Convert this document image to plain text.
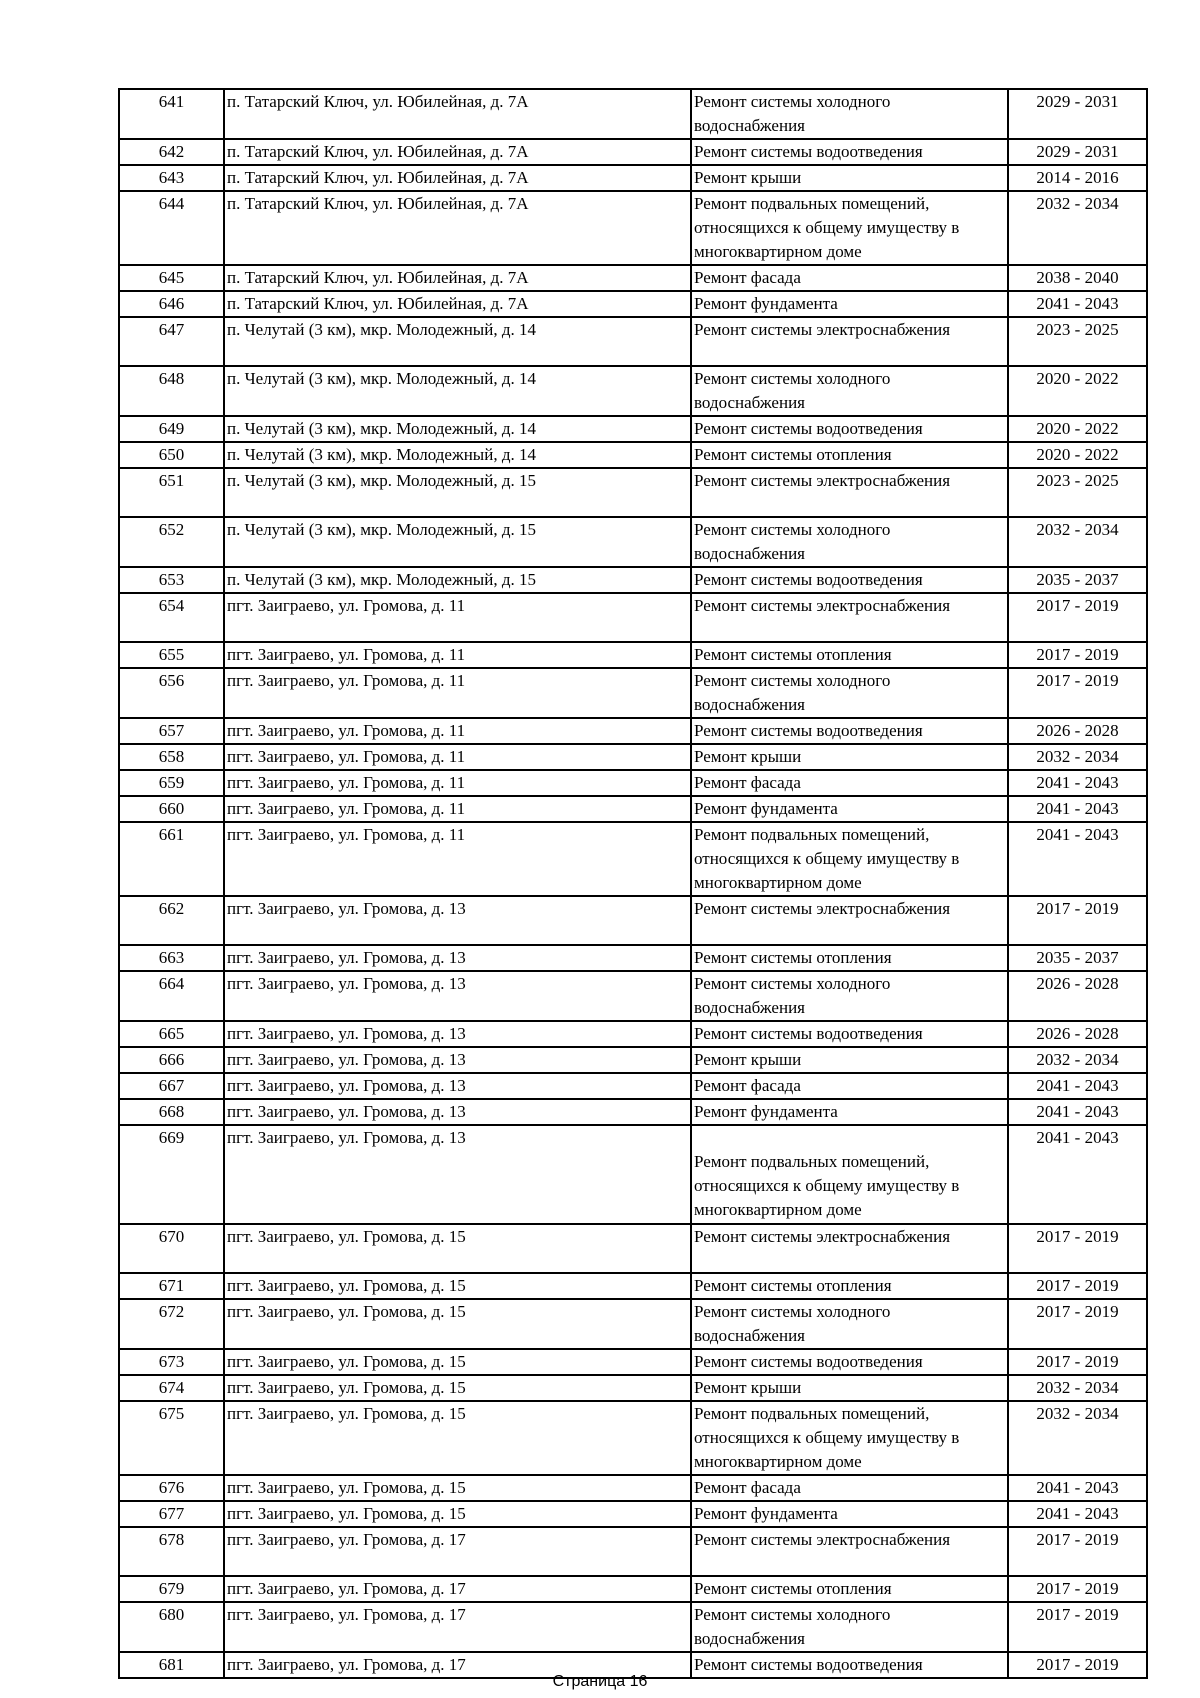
641	п. Татарский Ключ, ул. Юбилейная, д. 7А	Ремонт системы холодного водоснабжения	2029 - 2031
642	п. Татарский Ключ, ул. Юбилейная, д. 7А	Ремонт системы водоотведения	2029 - 2031
643	п. Татарский Ключ, ул. Юбилейная, д. 7А	Ремонт крыши	2014 - 2016
644	п. Татарский Ключ, ул. Юбилейная, д. 7А	Ремонт подвальных помещений, относящихся к общему имуществу в многоквартирном доме	2032 - 2034
645	п. Татарский Ключ, ул. Юбилейная, д. 7А	Ремонт фасада	2038 - 2040
646	п. Татарский Ключ, ул. Юбилейная, д. 7А	Ремонт фундамента	2041 - 2043
647	п. Челутай (3 км), мкр. Молодежный, д. 14	Ремонт системы электроснабжения	2023 - 2025
648	п. Челутай (3 км), мкр. Молодежный, д. 14	Ремонт системы холодного водоснабжения	2020 - 2022
649	п. Челутай (3 км), мкр. Молодежный, д. 14	Ремонт системы водоотведения	2020 - 2022
650	п. Челутай (3 км), мкр. Молодежный, д. 14	Ремонт системы отопления	2020 - 2022
651	п. Челутай (3 км), мкр. Молодежный, д. 15	Ремонт системы электроснабжения	2023 - 2025
652	п. Челутай (3 км), мкр. Молодежный, д. 15	Ремонт системы холодного водоснабжения	2032 - 2034
653	п. Челутай (3 км), мкр. Молодежный, д. 15	Ремонт системы водоотведения	2035 - 2037
654	пгт. Заиграево, ул. Громова, д. 11	Ремонт системы электроснабжения	2017 - 2019
655	пгт. Заиграево, ул. Громова, д. 11	Ремонт системы отопления	2017 - 2019
656	пгт. Заиграево, ул. Громова, д. 11	Ремонт системы холодного водоснабжения	2017 - 2019
657	пгт. Заиграево, ул. Громова, д. 11	Ремонт системы водоотведения	2026 - 2028
658	пгт. Заиграево, ул. Громова, д. 11	Ремонт крыши	2032 - 2034
659	пгт. Заиграево, ул. Громова, д. 11	Ремонт фасада	2041 - 2043
660	пгт. Заиграево, ул. Громова, д. 11	Ремонт фундамента	2041 - 2043
661	пгт. Заиграево, ул. Громова, д. 11	Ремонт подвальных помещений, относящихся к общему имуществу в многоквартирном доме	2041 - 2043
662	пгт. Заиграево, ул. Громова, д. 13	Ремонт системы электроснабжения	2017 - 2019
663	пгт. Заиграево, ул. Громова, д. 13	Ремонт системы отопления	2035 - 2037
664	пгт. Заиграево, ул. Громова, д. 13	Ремонт системы холодного водоснабжения	2026 - 2028
665	пгт. Заиграево, ул. Громова, д. 13	Ремонт системы водоотведения	2026 - 2028
666	пгт. Заиграево, ул. Громова, д. 13	Ремонт крыши	2032 - 2034
667	пгт. Заиграево, ул. Громова, д. 13	Ремонт фасада	2041 - 2043
668	пгт. Заиграево, ул. Громова, д. 13	Ремонт фундамента	2041 - 2043
669	пгт. Заиграево, ул. Громова, д. 13	Ремонт подвальных помещений, относящихся к общему имуществу в многоквартирном доме	2041 - 2043
670	пгт. Заиграево, ул. Громова, д. 15	Ремонт системы электроснабжения	2017 - 2019
671	пгт. Заиграево, ул. Громова, д. 15	Ремонт системы отопления	2017 - 2019
672	пгт. Заиграево, ул. Громова, д. 15	Ремонт системы холодного водоснабжения	2017 - 2019
673	пгт. Заиграево, ул. Громова, д. 15	Ремонт системы водоотведения	2017 - 2019
674	пгт. Заиграево, ул. Громова, д. 15	Ремонт крыши	2032 - 2034
675	пгт. Заиграево, ул. Громова, д. 15	Ремонт подвальных помещений, относящихся к общему имуществу в многоквартирном доме	2032 - 2034
676	пгт. Заиграево, ул. Громова, д. 15	Ремонт фасада	2041 - 2043
677	пгт. Заиграево, ул. Громова, д. 15	Ремонт фундамента	2041 - 2043
678	пгт. Заиграево, ул. Громова, д. 17	Ремонт системы электроснабжения	2017 - 2019
679	пгт. Заиграево, ул. Громова, д. 17	Ремонт системы отопления	2017 - 2019
680	пгт. Заиграево, ул. Громова, д. 17	Ремонт системы холодного водоснабжения	2017 - 2019
681	пгт. Заиграево, ул. Громова, д. 17	Ремонт системы водоотведения	2017 - 2019
Страница 16
